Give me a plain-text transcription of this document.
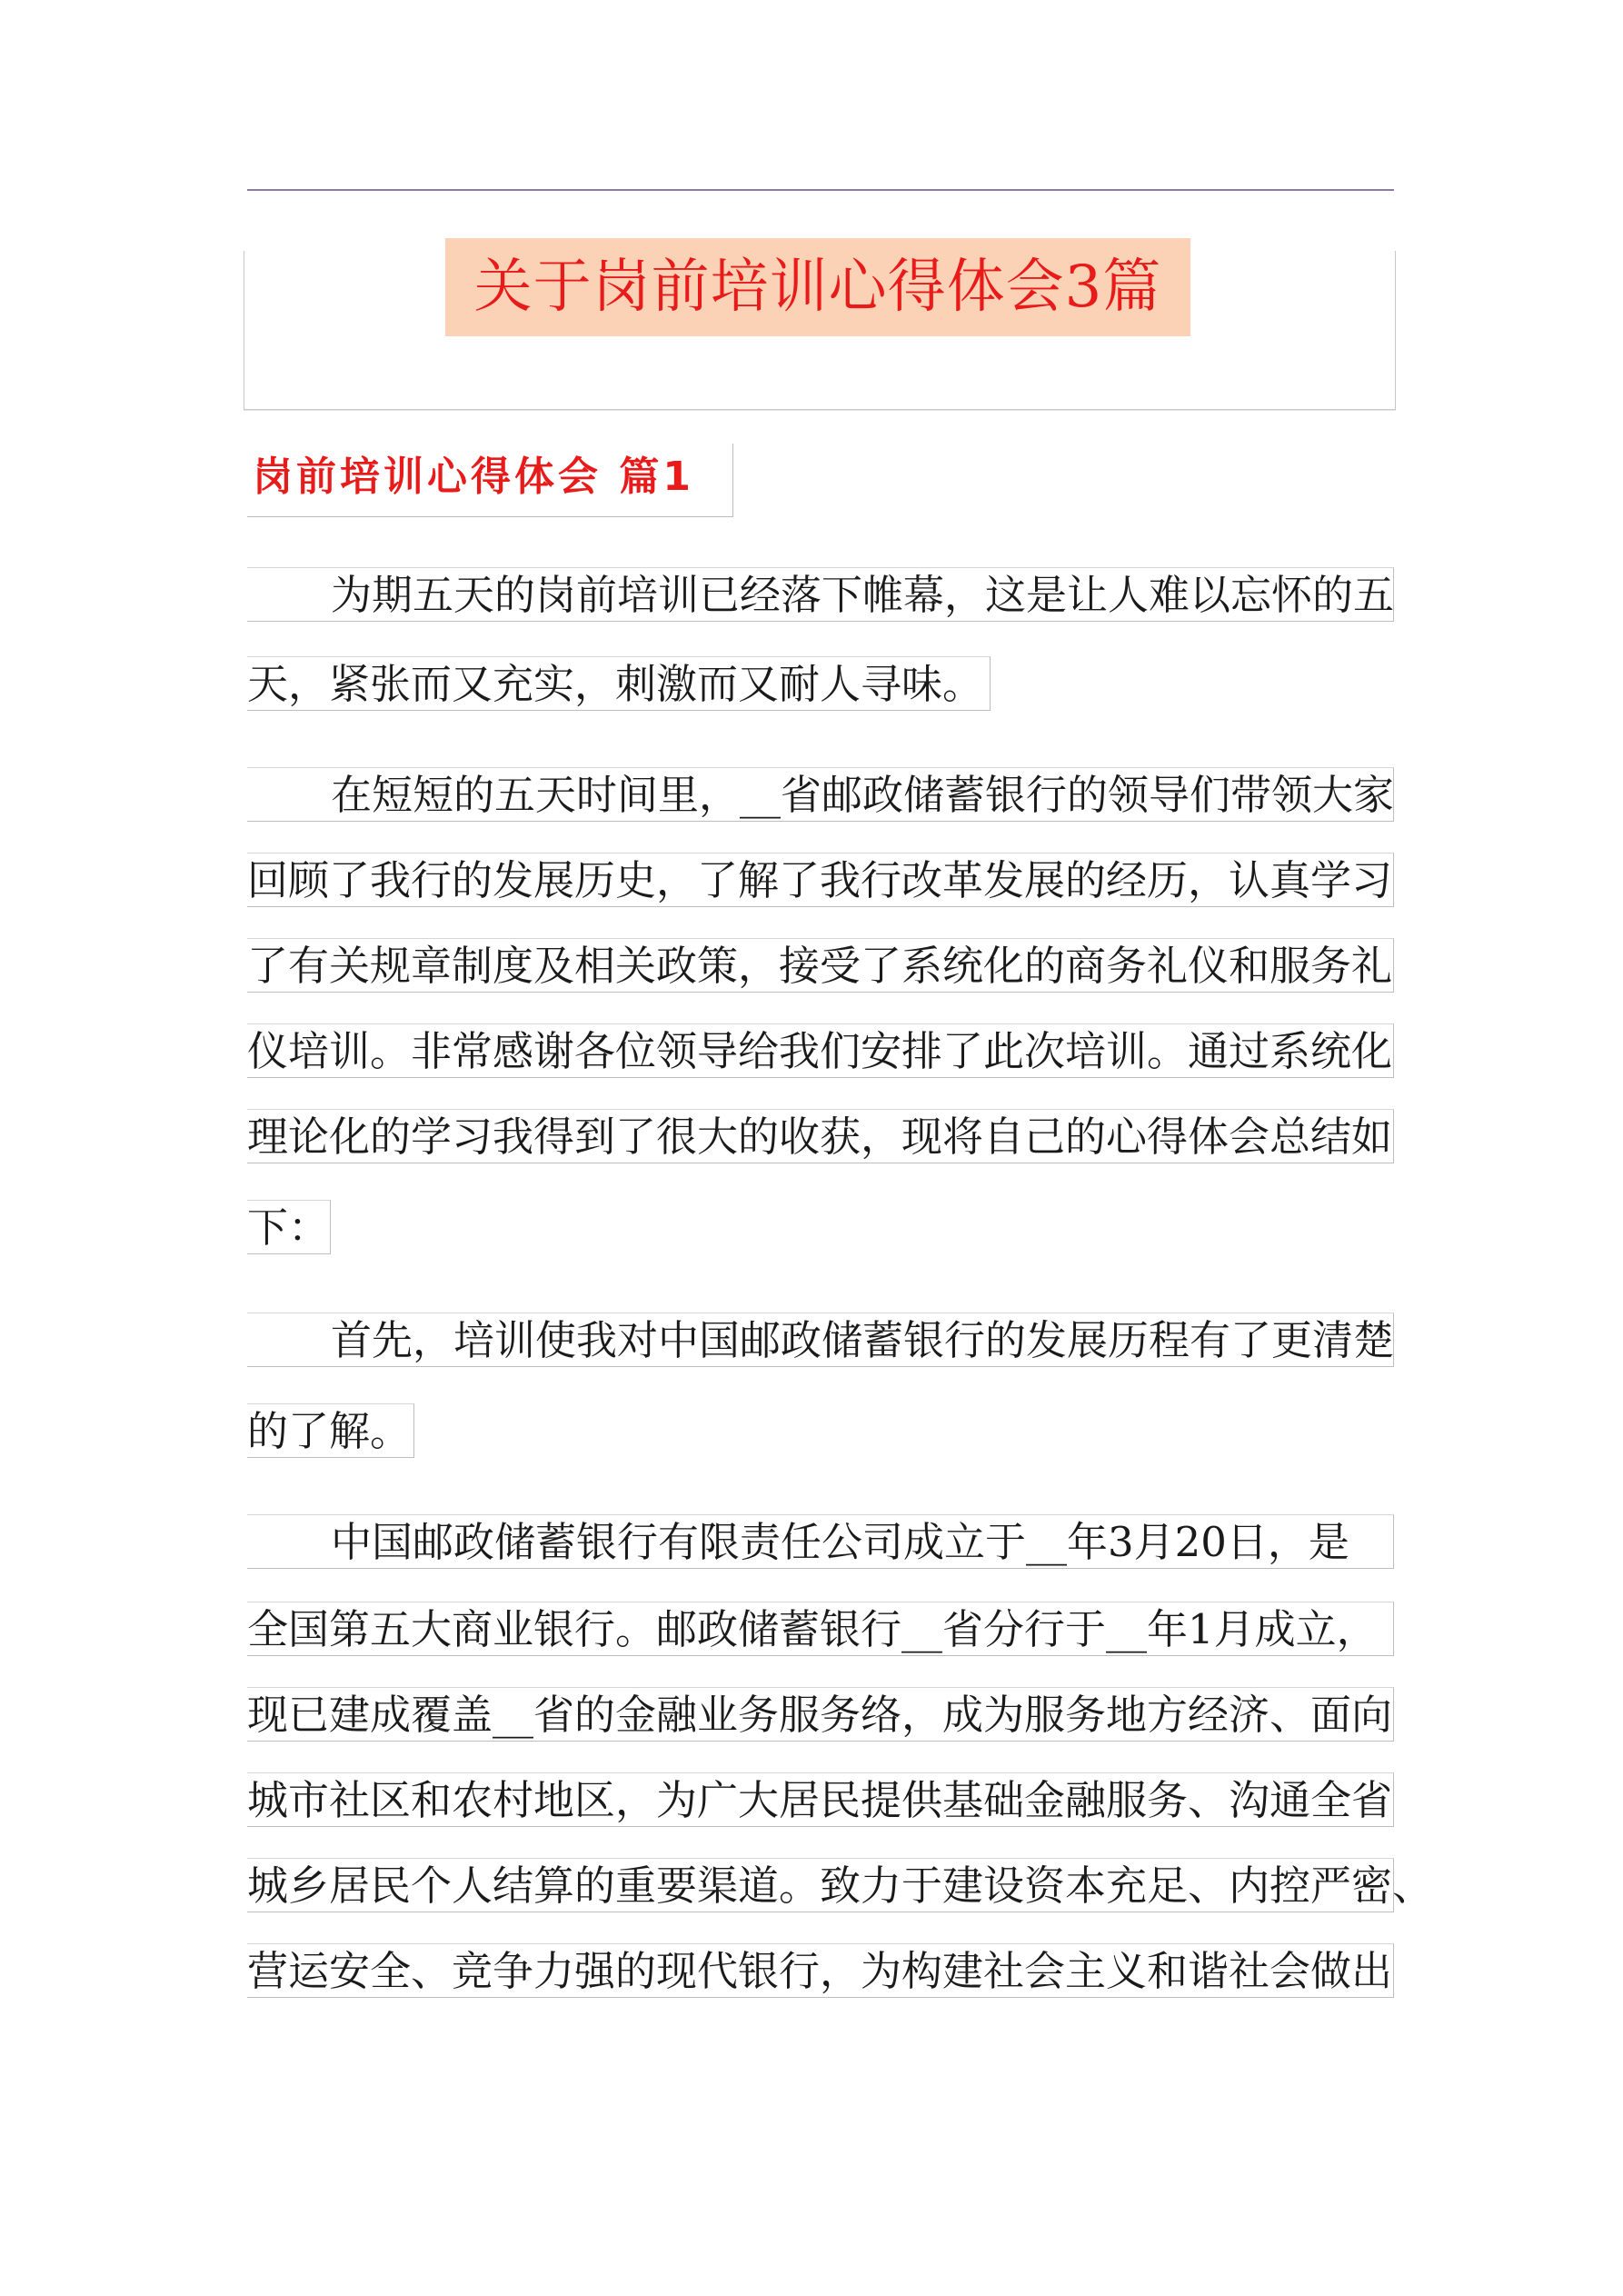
关于岗前培训心得体会3篇
岗前培训心得体会 篇1
为期五天的岗前培训已经落下帷幕，这是让人难以忘怀的五
天，紧张而又充实，刺激而又耐人寻味。
在短短的五天时间里，__省邮政储蓄银行的领导们带领大家
回顾了我行的发展历史，了解了我行改革发展的经历，认真学习
了有关规章制度及相关政策，接受了系统化的商务礼仪和服务礼
仪培训。非常感谢各位领导给我们安排了此次培训。通过系统化
理论化的学习我得到了很大的收获，现将自己的心得体会总结如
下：
首先，培训使我对中国邮政储蓄银行的发展历程有了更清楚
的了解。
中国邮政储蓄银行有限责任公司成立于__年3月20日，是
全国第五大商业银行。邮政储蓄银行__省分行于__年1月成立，
现已建成覆盖__省的金融业务服务络，成为服务地方经济、面向
城市社区和农村地区，为广大居民提供基础金融服务、沟通全省
城乡居民个人结算的重要渠道。致力于建设资本充足、内控严密、
营运安全、竞争力强的现代银行，为构建社会主义和谐社会做出
